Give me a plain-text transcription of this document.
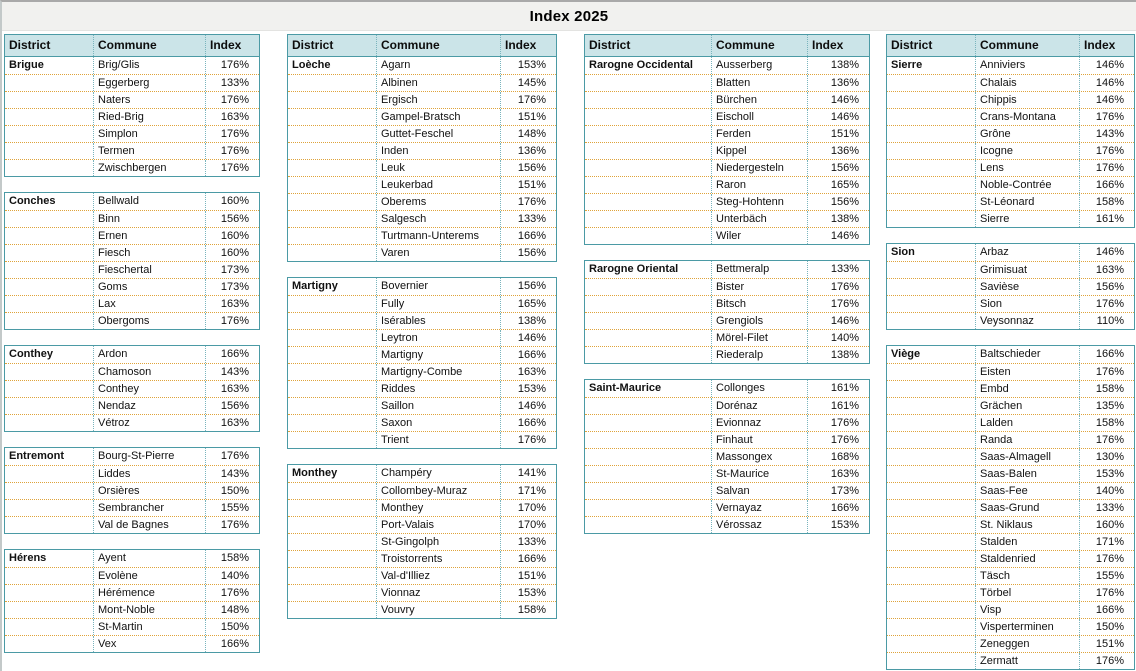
Index 2025
District	Commune	Index
Brigue	Brig/Glis	176%
Eggerberg	133%
Naters	176%
Ried-Brig	163%
Simplon	176%
Termen	176%
Zwischbergen	176%
Conches	Bellwald	160%
Binn	156%
Ernen	160%
Fiesch	160%
Fieschertal	173%
Goms	173%
Lax	163%
Obergoms	176%
Conthey	Ardon	166%
Chamoson	143%
Conthey	163%
Nendaz	156%
Vétroz	163%
Entremont	Bourg-St-Pierre	176%
Liddes	143%
Orsières	150%
Sembrancher	155%
Val de Bagnes	176%
Hérens	Ayent	158%
Evolène	140%
Hérémence	176%
Mont-Noble	148%
St-Martin	150%
Vex	166%
District	Commune	Index
Loèche	Agarn	153%
Albinen	145%
Ergisch	176%
Gampel-Bratsch	151%
Guttet-Feschel	148%
Inden	136%
Leuk	156%
Leukerbad	151%
Oberems	176%
Salgesch	133%
Turtmann-Unterems	166%
Varen	156%
Martigny	Bovernier	156%
Fully	165%
Isérables	138%
Leytron	146%
Martigny	166%
Martigny-Combe	163%
Riddes	153%
Saillon	146%
Saxon	166%
Trient	176%
Monthey	Champéry	141%
Collombey-Muraz	171%
Monthey	170%
Port-Valais	170%
St-Gingolph	133%
Troistorrents	166%
Val-d'Illiez	151%
Vionnaz	153%
Vouvry	158%
District	Commune	Index
Rarogne Occidental	Ausserberg	138%
Blatten	136%
Bürchen	146%
Eischoll	146%
Ferden	151%
Kippel	136%
Niedergesteln	156%
Raron	165%
Steg-Hohtenn	156%
Unterbäch	138%
Wiler	146%
Rarogne Oriental	Bettmeralp	133%
Bister	176%
Bitsch	176%
Grengiols	146%
Mörel-Filet	140%
Riederalp	138%
Saint-Maurice	Collonges	161%
Dorénaz	161%
Evionnaz	176%
Finhaut	176%
Massongex	168%
St-Maurice	163%
Salvan	173%
Vernayaz	166%
Vérossaz	153%
District	Commune	Index
Sierre	Anniviers	146%
Chalais	146%
Chippis	146%
Crans-Montana	176%
Grône	143%
Icogne	176%
Lens	176%
Noble-Contrée	166%
St-Léonard	158%
Sierre	161%
Sion	Arbaz	146%
Grimisuat	163%
Savièse	156%
Sion	176%
Veysonnaz	110%
Viège	Baltschieder	166%
Eisten	176%
Embd	158%
Grächen	135%
Lalden	158%
Randa	176%
Saas-Almagell	130%
Saas-Balen	153%
Saas-Fee	140%
Saas-Grund	133%
St. Niklaus	160%
Stalden	171%
Staldenried	176%
Täsch	155%
Törbel	176%
Visp	166%
Visperterminen	150%
Zeneggen	151%
Zermatt	176%
